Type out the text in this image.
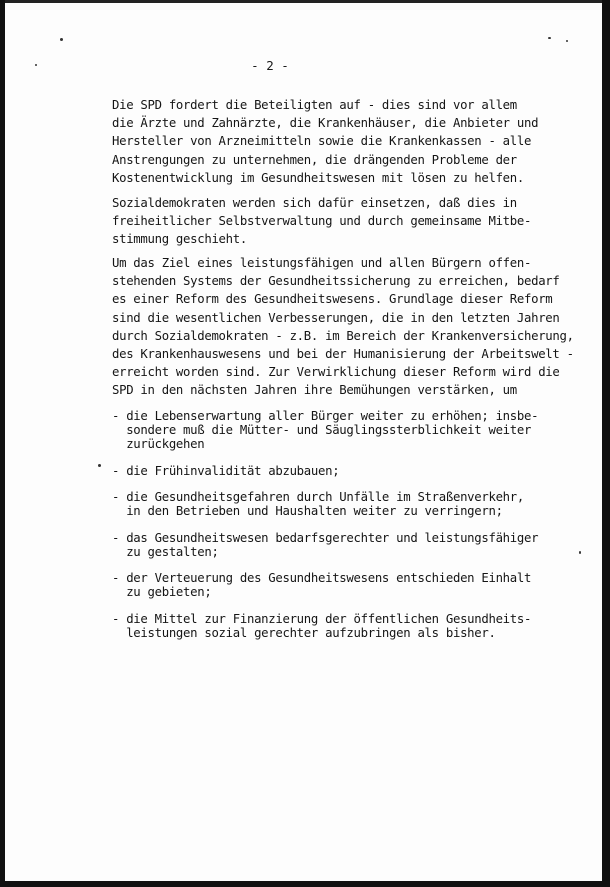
- 2 -
Die SPD fordert die Beteiligten auf - dies sind vor allem
die Ärzte und Zahnärzte, die Krankenhäuser, die Anbieter und
Hersteller von Arzneimitteln sowie die Krankenkassen - alle
Anstrengungen zu unternehmen, die drängenden Probleme der
Kostenentwicklung im Gesundheitswesen mit lösen zu helfen.
Sozialdemokraten werden sich dafür einsetzen, daß dies in
freiheitlicher Selbstverwaltung und durch gemeinsame Mitbe-
stimmung geschieht.
Um das Ziel eines leistungsfähigen und allen Bürgern offen-
stehenden Systems der Gesundheitssicherung zu erreichen, bedarf
es einer Reform des Gesundheitswesens. Grundlage dieser Reform
sind die wesentlichen Verbesserungen, die in den letzten Jahren
durch Sozialdemokraten - z.B. im Bereich der Krankenversicherung,
des Krankenhauswesens und bei der Humanisierung der Arbeitswelt -
erreicht worden sind. Zur Verwirklichung dieser Reform wird die
SPD in den nächsten Jahren ihre Bemühungen verstärken, um
- die Lebenserwartung aller Bürger weiter zu erhöhen; insbe-
sondere muß die Mütter- und Säuglingssterblichkeit weiter
zurückgehen
- die Frühinvalidität abzubauen;
- die Gesundheitsgefahren durch Unfälle im Straßenverkehr,
in den Betrieben und Haushalten weiter zu verringern;
- das Gesundheitswesen bedarfsgerechter und leistungsfähiger
zu gestalten;
- der Verteuerung des Gesundheitswesens entschieden Einhalt
zu gebieten;
- die Mittel zur Finanzierung der öffentlichen Gesundheits-
leistungen sozial gerechter aufzubringen als bisher.
